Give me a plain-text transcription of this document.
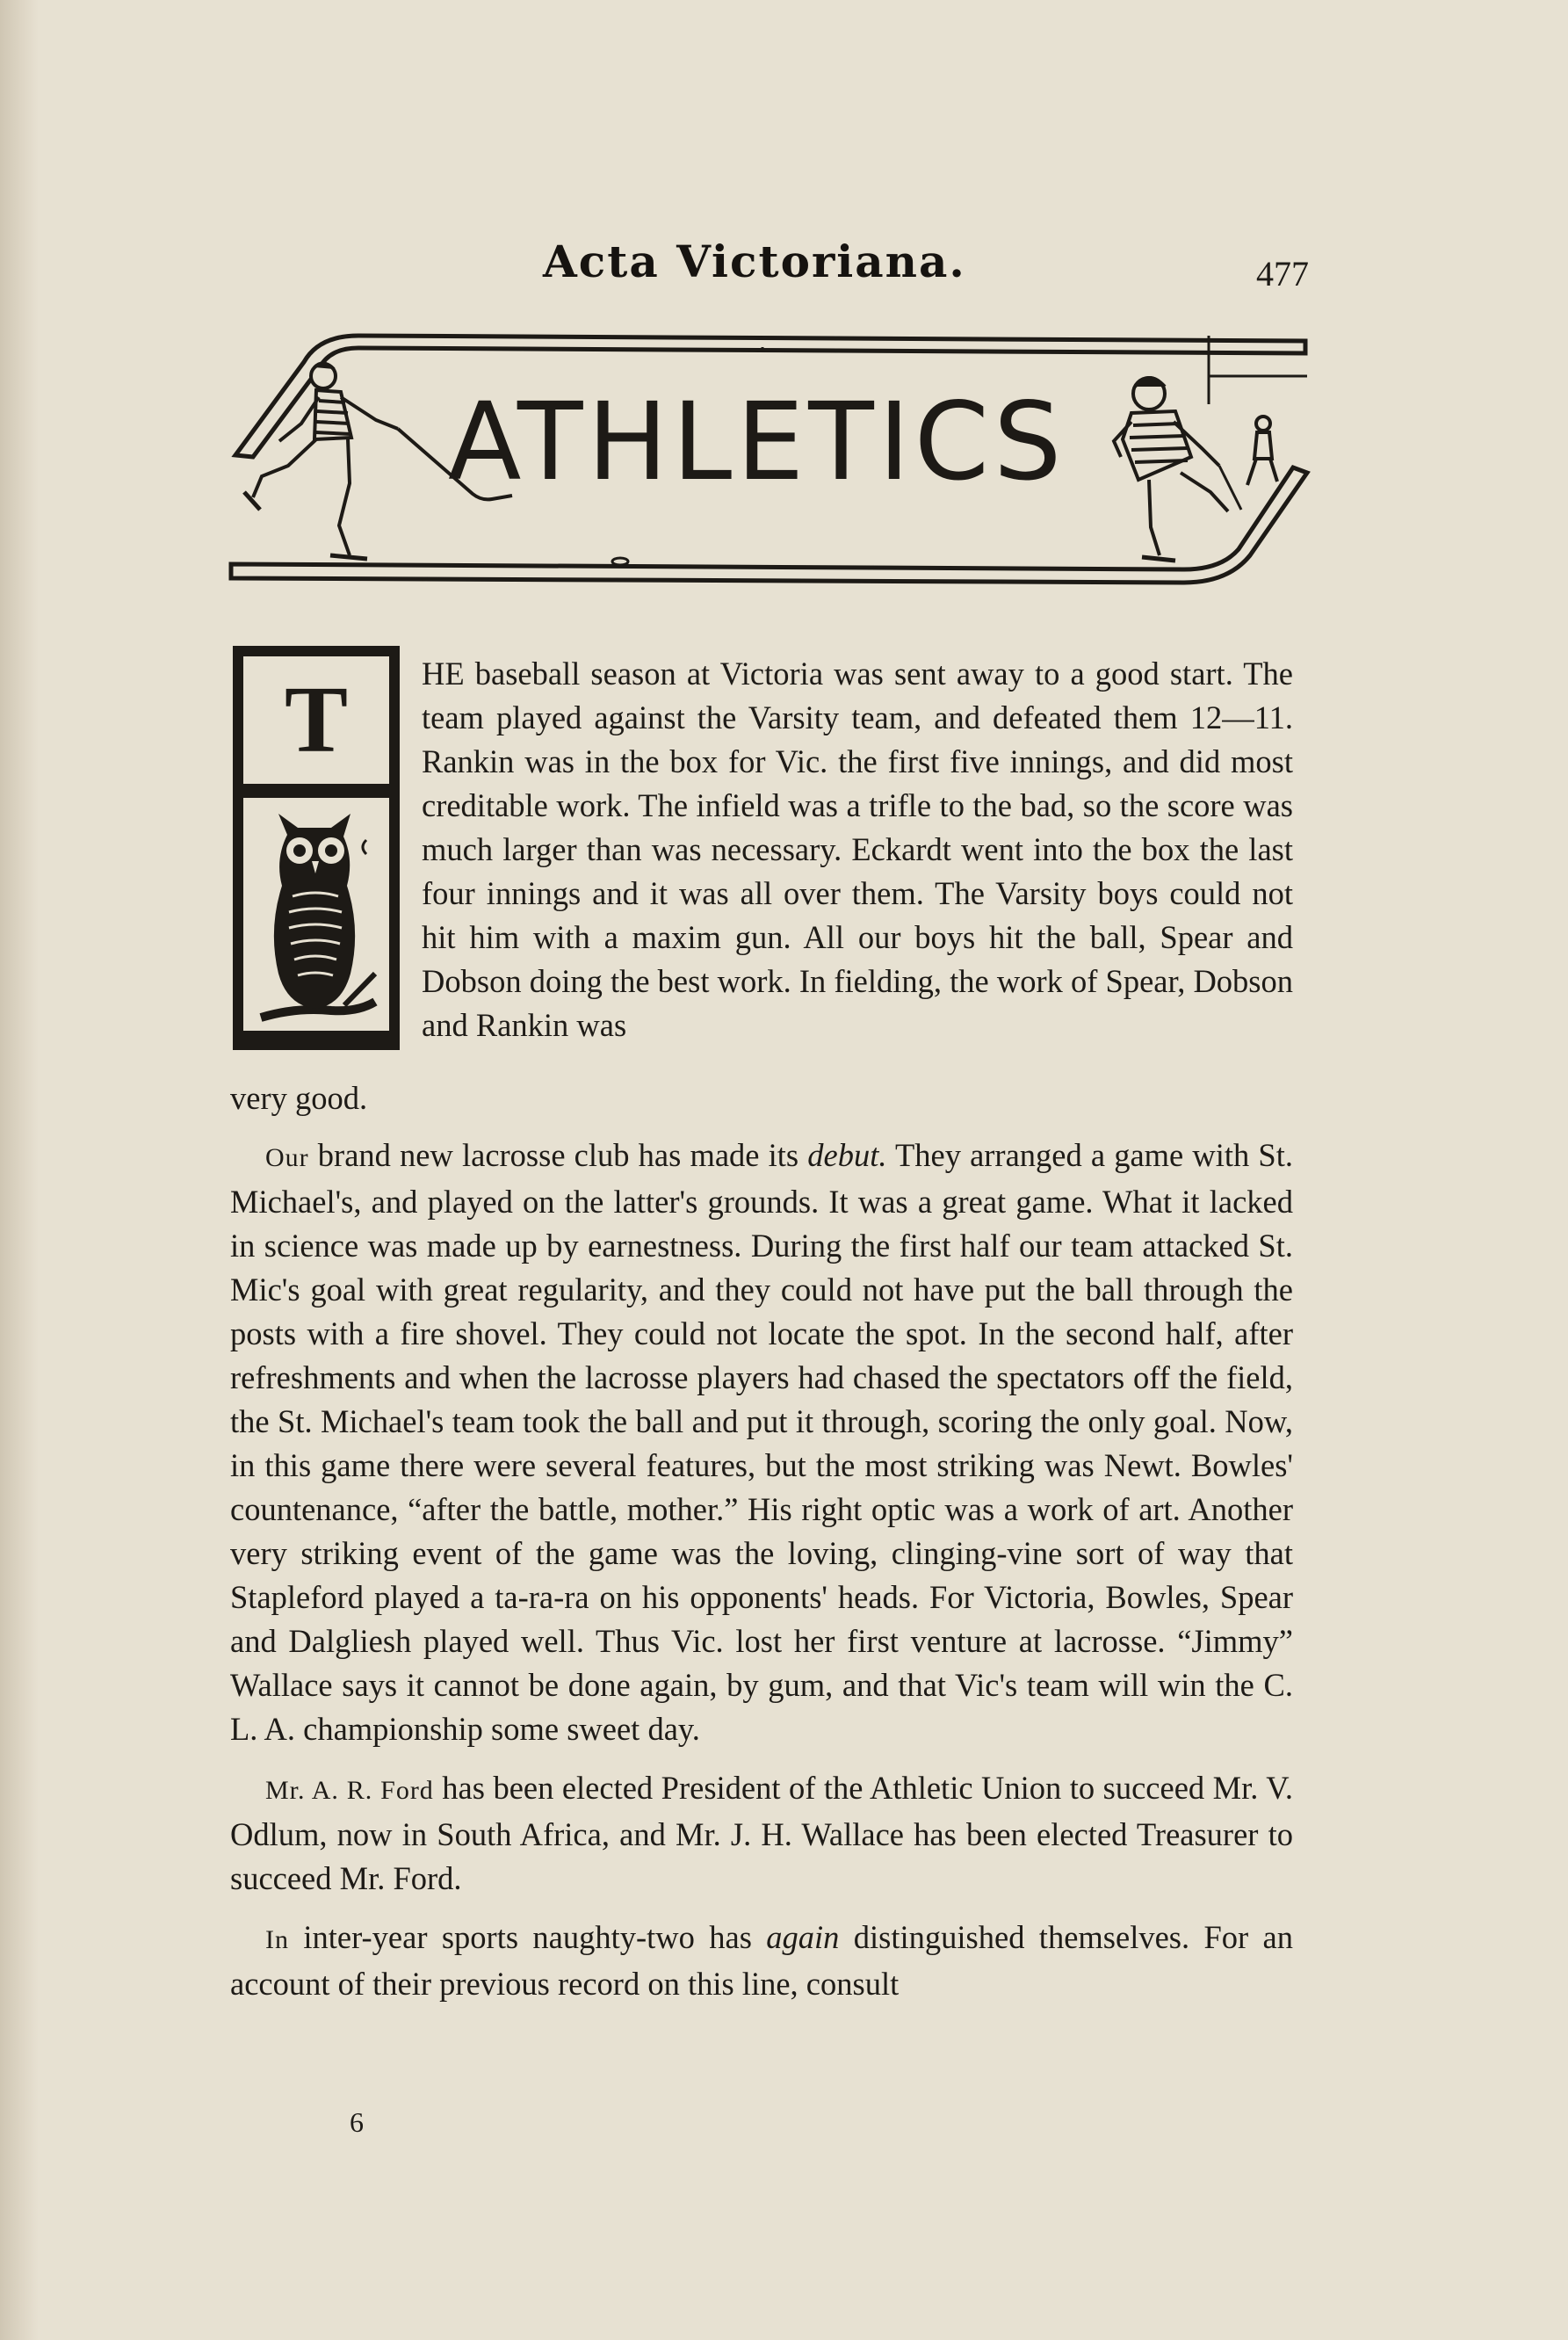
Acta Victoriana.	477
ATHLETICS
T HE baseball season at Victoria was sent away to a good start. The team played against the Varsity team, and defeated them 12—11. Rankin was in the box for Vic. the first five innings, and did most creditable work. The infield was a trifle to the bad, so the score was much larger than was necessary. Eckardt went into the box the last four innings and it was all over them. The Varsity boys could not hit him with a maxim gun. All our boys hit the ball, Spear and Dobson doing the best work. In fielding, the work of Spear, Dobson and Rankin was

very good.

Our brand new lacrosse club has made its debut. They arranged a game with St. Michael's, and played on the latter's grounds. It was a great game. What it lacked in science was made up by earnestness. During the first half our team attacked St. Mic's goal with great regularity, and they could not have put the ball through the posts with a fire shovel. They could not locate the spot. In the second half, after refreshments and when the lacrosse players had chased the spectators off the field, the St. Michael's team took the ball and put it through, scoring the only goal. Now, in this game there were several features, but the most striking was Newt. Bowles' countenance, “after the battle, mother.” His right optic was a work of art. Another very striking event of the game was the loving, clinging-vine sort of way that Stapleford played a ta-ra-ra on his opponents' heads. For Victoria, Bowles, Spear and Dalgliesh played well. Thus Vic. lost her first venture at lacrosse. “Jimmy” Wallace says it cannot be done again, by gum, and that Vic's team will win the C. L. A. championship some sweet day.

Mr. A. R. Ford has been elected President of the Athletic Union to succeed Mr. V. Odlum, now in South Africa, and Mr. J. H. Wallace has been elected Treasurer to succeed Mr. Ford.

In inter-year sports naughty-two has again distinguished themselves. For an account of their previous record on this line, consult

6
